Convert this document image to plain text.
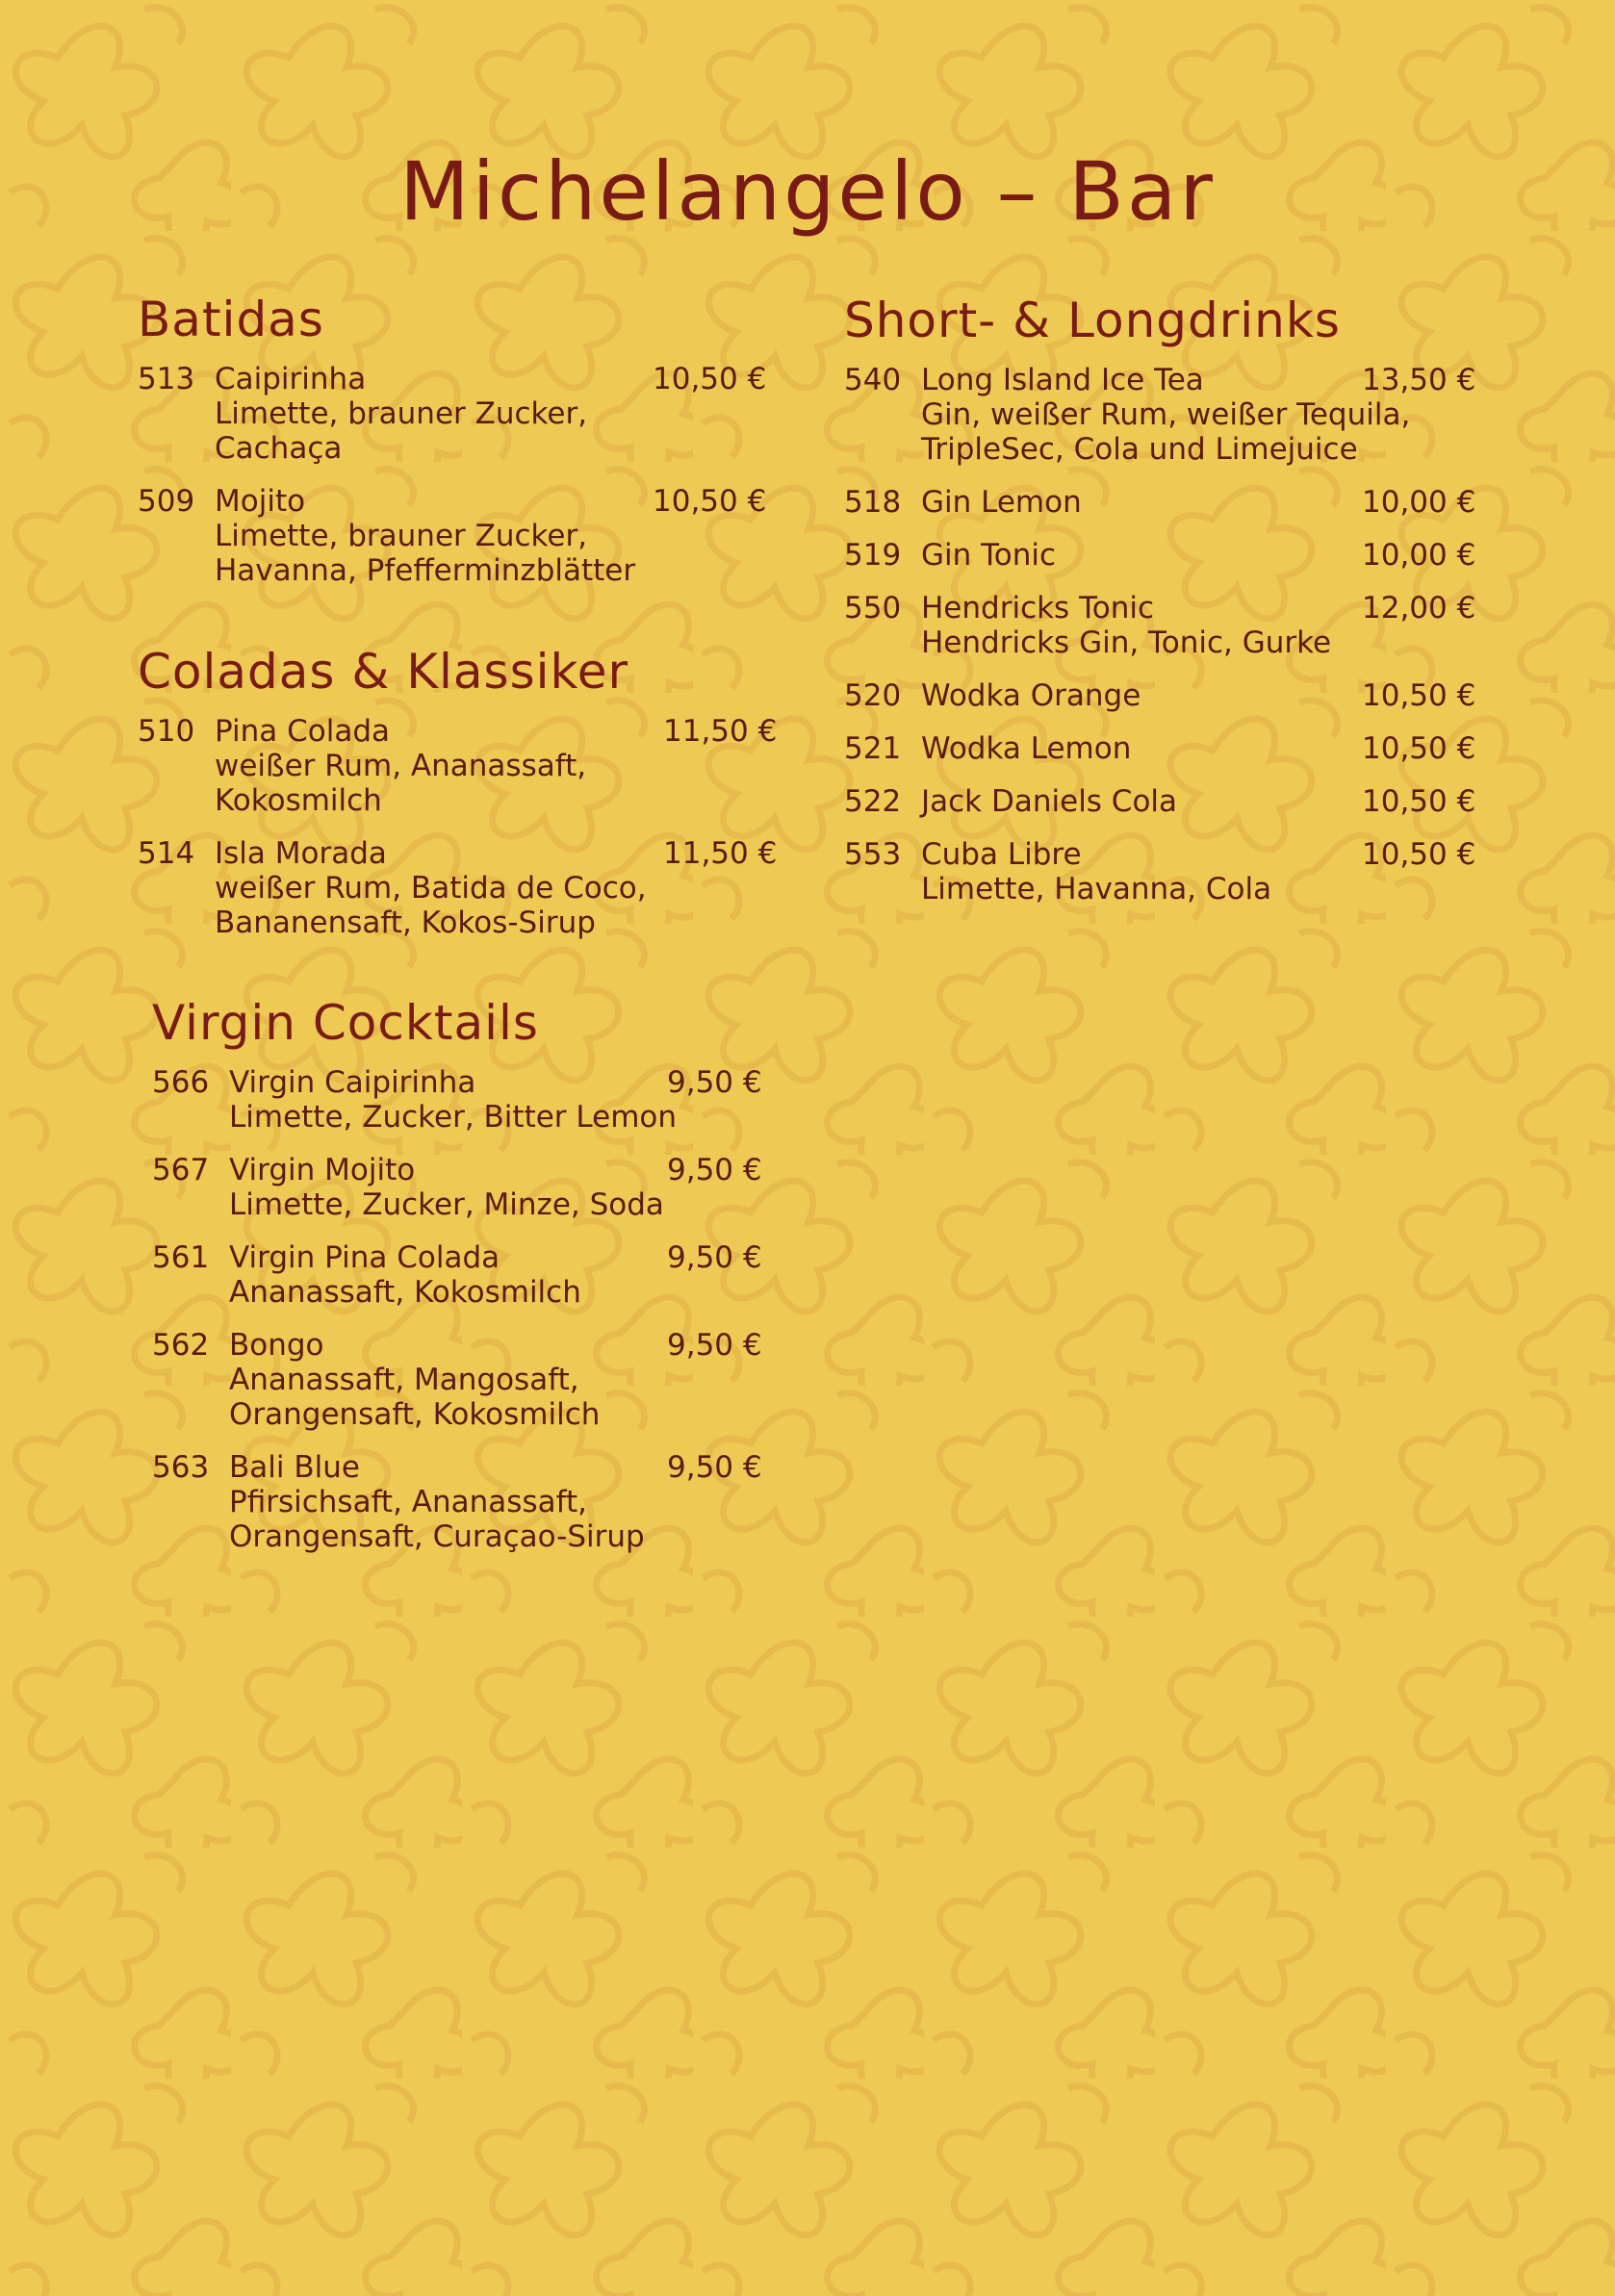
Michelangelo – Bar
Batidas
513 Caipirinha
Limette, brauner Zucker,
Cachaça
10,50 €
509 Mojito
Limette, brauner Zucker,
Havanna, Pfefferminzblätter
10,50 €
Coladas & Klassiker
510 Pina Colada
weißer Rum, Ananassaft,
Kokosmilch
11,50 €
514 Isla Morada
weißer Rum, Batida de Coco,
Bananensaft, Kokos-Sirup
11,50 €
Virgin Cocktails
566 Virgin Caipirinha
Limette, Zucker, Bitter Lemon
9,50 €
567 Virgin Mojito
Limette, Zucker, Minze, Soda
9,50 €
561 Virgin Pina Colada
Ananassaft, Kokosmilch
9,50 €
562 Bongo
Ananassaft, Mangosaft,
Orangensaft, Kokosmilch
9,50 €
563 Bali Blue
Pfirsichsaft, Ananassaft,
Orangensaft, Curaçao-Sirup
9,50 €
Short- & Longdrinks
540 Long Island Ice Tea
Gin, weißer Rum, weißer Tequila,
TripleSec, Cola und Limejuice
13,50 €
518 Gin Lemon	10,00 €
519 Gin Tonic	10,00 €
550 Hendricks Tonic
Hendricks Gin, Tonic, Gurke
12,00 €
520 Wodka Orange	10,50 €
521 Wodka Lemon	10,50 €
522 Jack Daniels Cola	10,50 €
553 Cuba Libre
Limette, Havanna, Cola
10,50 €
